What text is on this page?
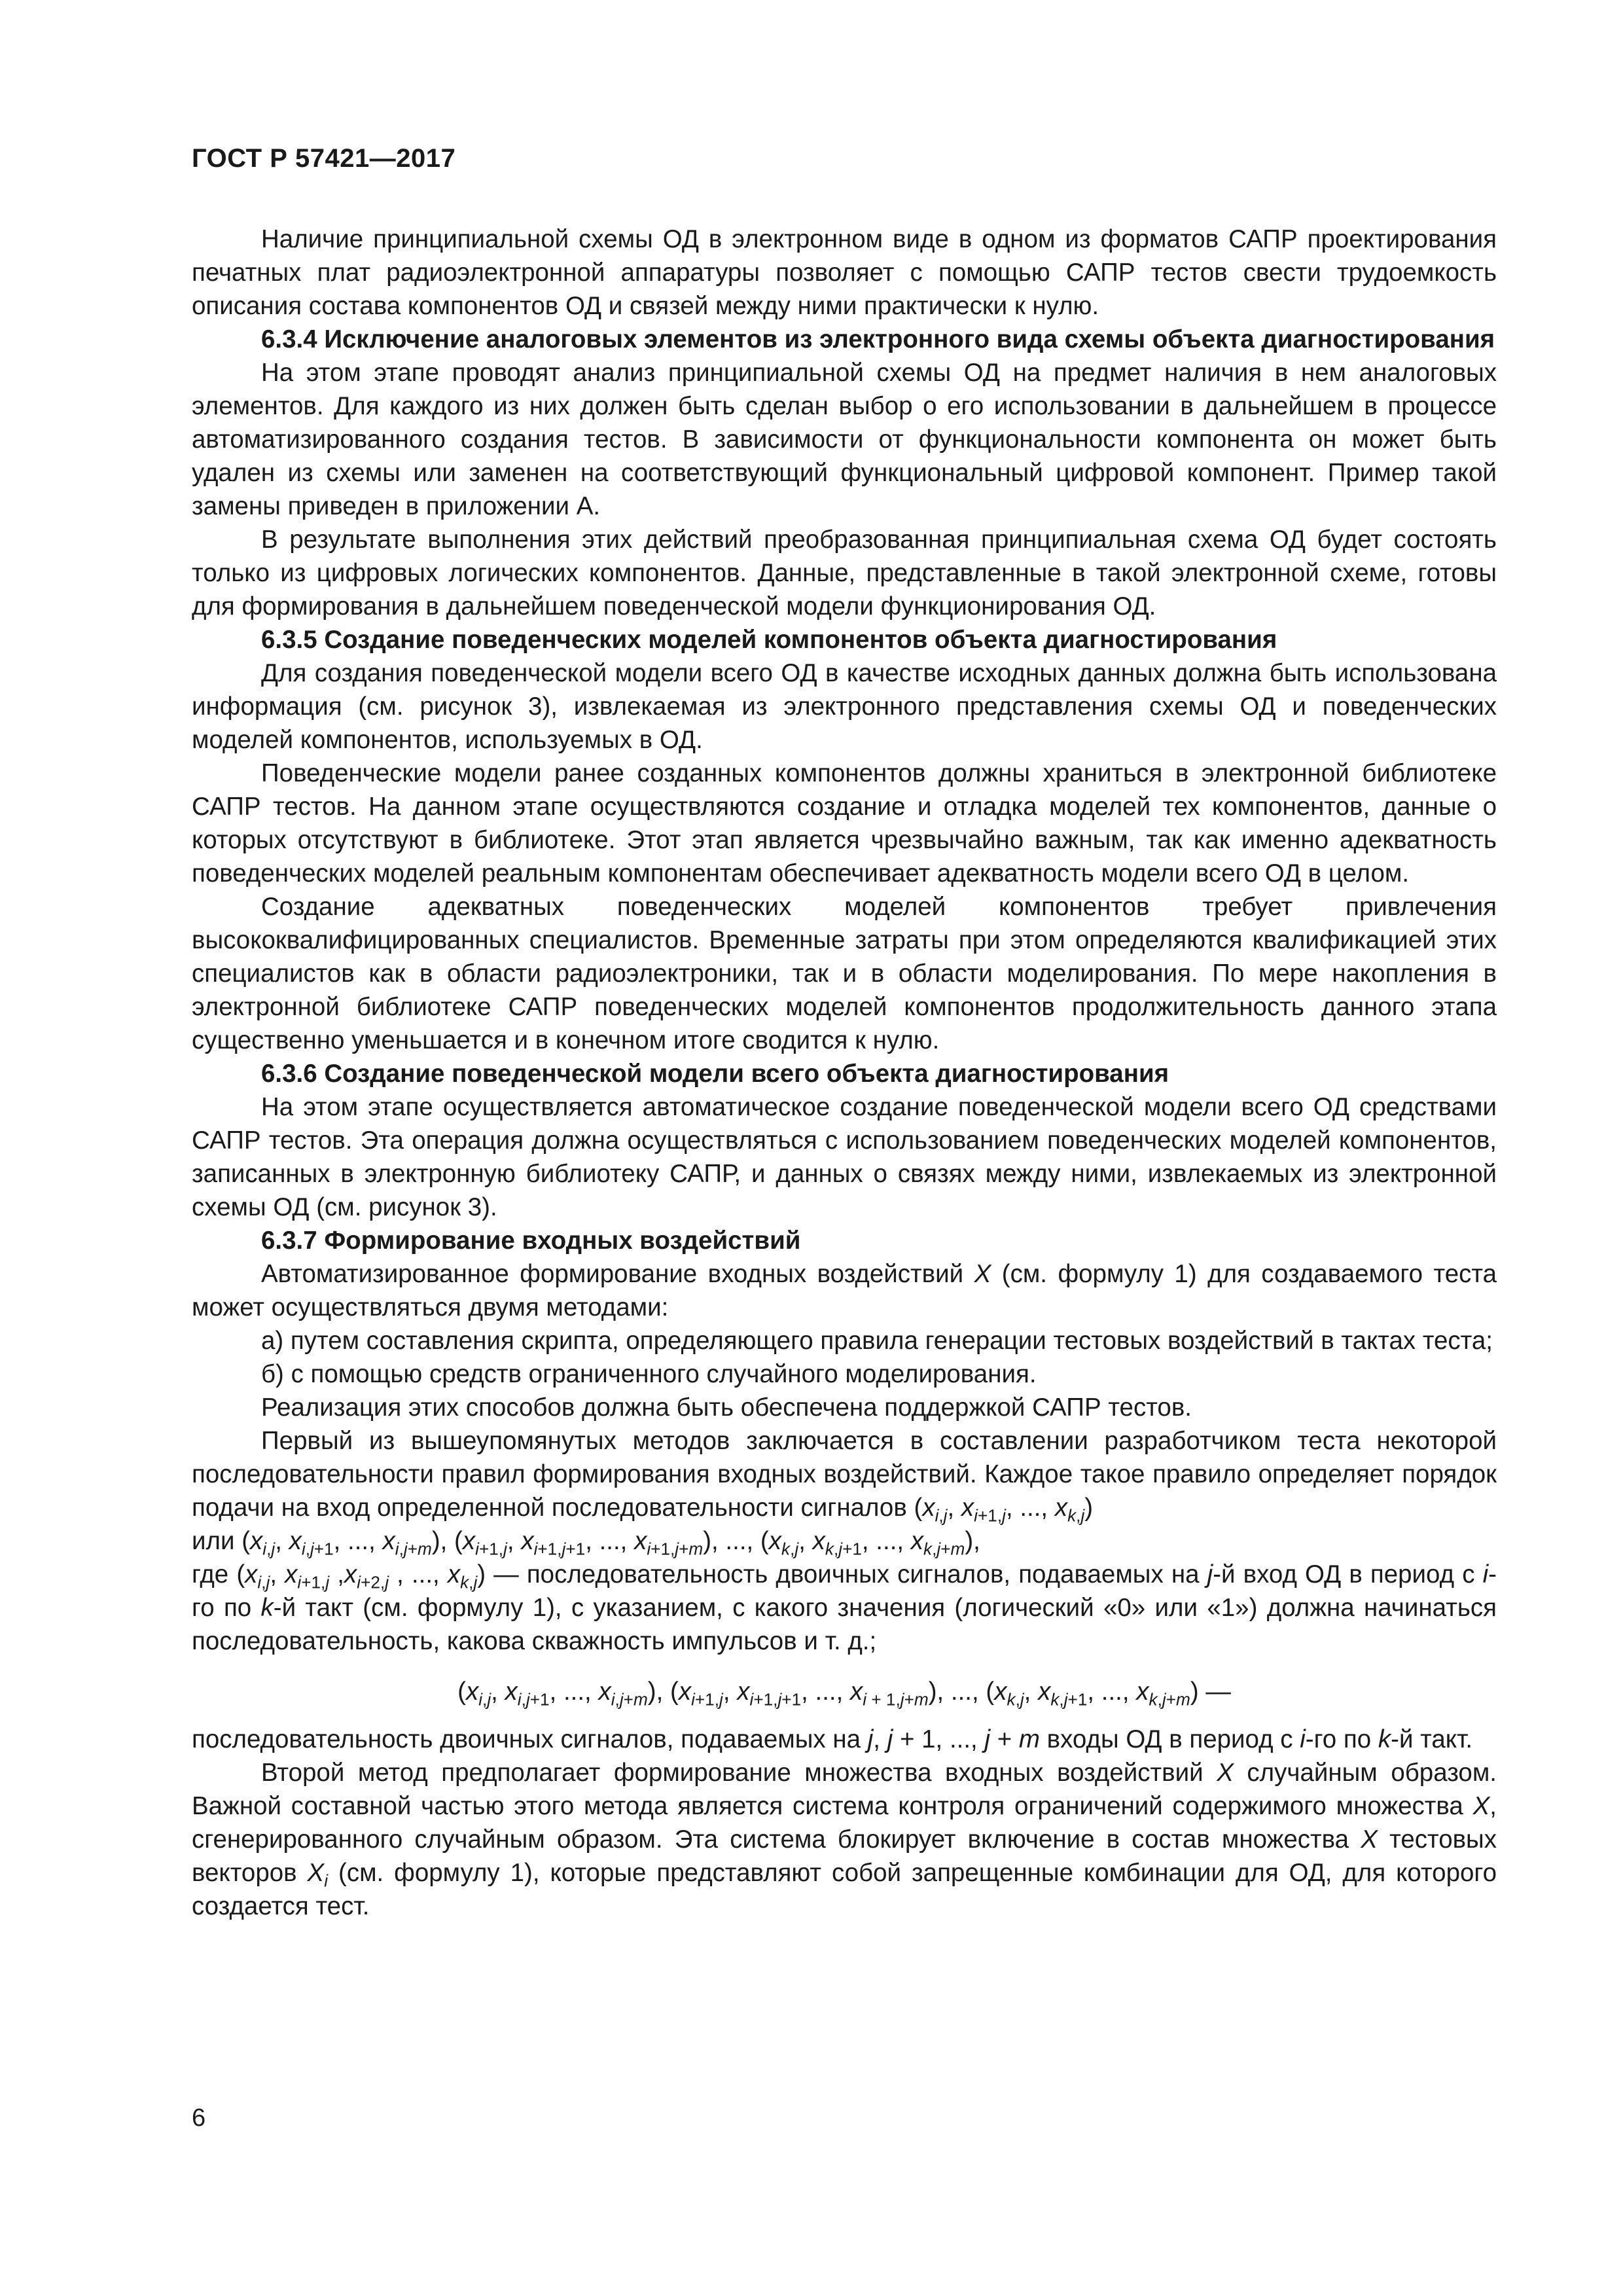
ГОСТ Р 57421—2017

Наличие принципиальной схемы ОД в электронном виде в одном из форматов САПР проектирования печатных плат радиоэлектронной аппаратуры позволяет с помощью САПР тестов свести трудоемкость описания состава компонентов ОД и связей между ними практически к нулю.

6.3.4 Исключение аналоговых элементов из электронного вида схемы объекта диагностирования

На этом этапе проводят анализ принципиальной схемы ОД на предмет наличия в нем аналоговых элементов. Для каждого из них должен быть сделан выбор о его использовании в дальнейшем в процессе автоматизированного создания тестов. В зависимости от функциональности компонента он может быть удален из схемы или заменен на соответствующий функциональный цифровой компонент. Пример такой замены приведен в приложении А.

В результате выполнения этих действий преобразованная принципиальная схема ОД будет состоять только из цифровых логических компонентов. Данные, представленные в такой электронной схеме, готовы для формирования в дальнейшем поведенческой модели функционирования ОД.

6.3.5 Создание поведенческих моделей компонентов объекта диагностирования

Для создания поведенческой модели всего ОД в качестве исходных данных должна быть использована информация (см. рисунок 3), извлекаемая из электронного представления схемы ОД и поведенческих моделей компонентов, используемых в ОД.

Поведенческие модели ранее созданных компонентов должны храниться в электронной библиотеке САПР тестов. На данном этапе осуществляются создание и отладка моделей тех компонентов, данные о которых отсутствуют в библиотеке. Этот этап является чрезвычайно важным, так как именно адекватность поведенческих моделей реальным компонентам обеспечивает адекватность модели всего ОД в целом.

Создание адекватных поведенческих моделей компонентов требует привлечения высококвалифицированных специалистов. Временные затраты при этом определяются квалификацией этих специалистов как в области радиоэлектроники, так и в области моделирования. По мере накопления в электронной библиотеке САПР поведенческих моделей компонентов продолжительность данного этапа существенно уменьшается и в конечном итоге сводится к нулю.

6.3.6 Создание поведенческой модели всего объекта диагностирования

На этом этапе осуществляется автоматическое создание поведенческой модели всего ОД средствами САПР тестов. Эта операция должна осуществляться с использованием поведенческих моделей компонентов, записанных в электронную библиотеку САПР, и данных о связях между ними, извлекаемых из электронной схемы ОД (см. рисунок 3).

6.3.7 Формирование входных воздействий

Автоматизированное формирование входных воздействий X (см. формулу 1) для создаваемого теста может осуществляться двумя методами:

а) путем составления скрипта, определяющего правила генерации тестовых воздействий в тактах теста;

б) с помощью средств ограниченного случайного моделирования.

Реализация этих способов должна быть обеспечена поддержкой САПР тестов.

Первый из вышеупомянутых методов заключается в составлении разработчиком теста некоторой последовательности правил формирования входных воздействий. Каждое такое правило определяет порядок подачи на вход определенной последовательности сигналов ($x_{i,j}$, $x_{i+1,j}$, ..., $x_{k,j}$)

или ($x_{i,j}$, $x_{i,j+1}$, ..., $x_{i,j+m}$), ($x_{i+1,j}$, $x_{i+1,j+1}$, ..., $x_{i+1,j+m}$), ..., ($x_{k,j}$, $x_{k,j+1}$, ..., $x_{k,j+m}$),

где ($x_{i,j}$, $x_{i+1,j}$ $,x_{i+2,j}$ , ..., $x_{k,j}$) — последовательность двоичных сигналов, подаваемых на j-й вход ОД в период с i-го по k-й такт (см. формулу 1), с указанием, с какого значения (логический «0» или «1») должна начинаться последовательность, какова скважность импульсов и т. д.;

($x_{i,j}$, $x_{i,j+1}$, ..., $x_{i,j+m}$), ($x_{i+1,j}$, $x_{i+1,j+1}$, ..., $x_{i + 1,j+m}$), ..., ($x_{k,j}$, $x_{k,j+1}$, ..., $x_{k,j+m}$) —

последовательность двоичных сигналов, подаваемых на j, j + 1, ..., j + m входы ОД в период с i-го по k-й такт.

Второй метод предполагает формирование множества входных воздействий X случайным образом. Важной составной частью этого метода является система контроля ограничений содержимого множества X, сгенерированного случайным образом. Эта система блокирует включение в состав множества X тестовых векторов $X_i$ (см. формулу 1), которые представляют собой запрещенные комбинации для ОД, для которого создается тест.

6
